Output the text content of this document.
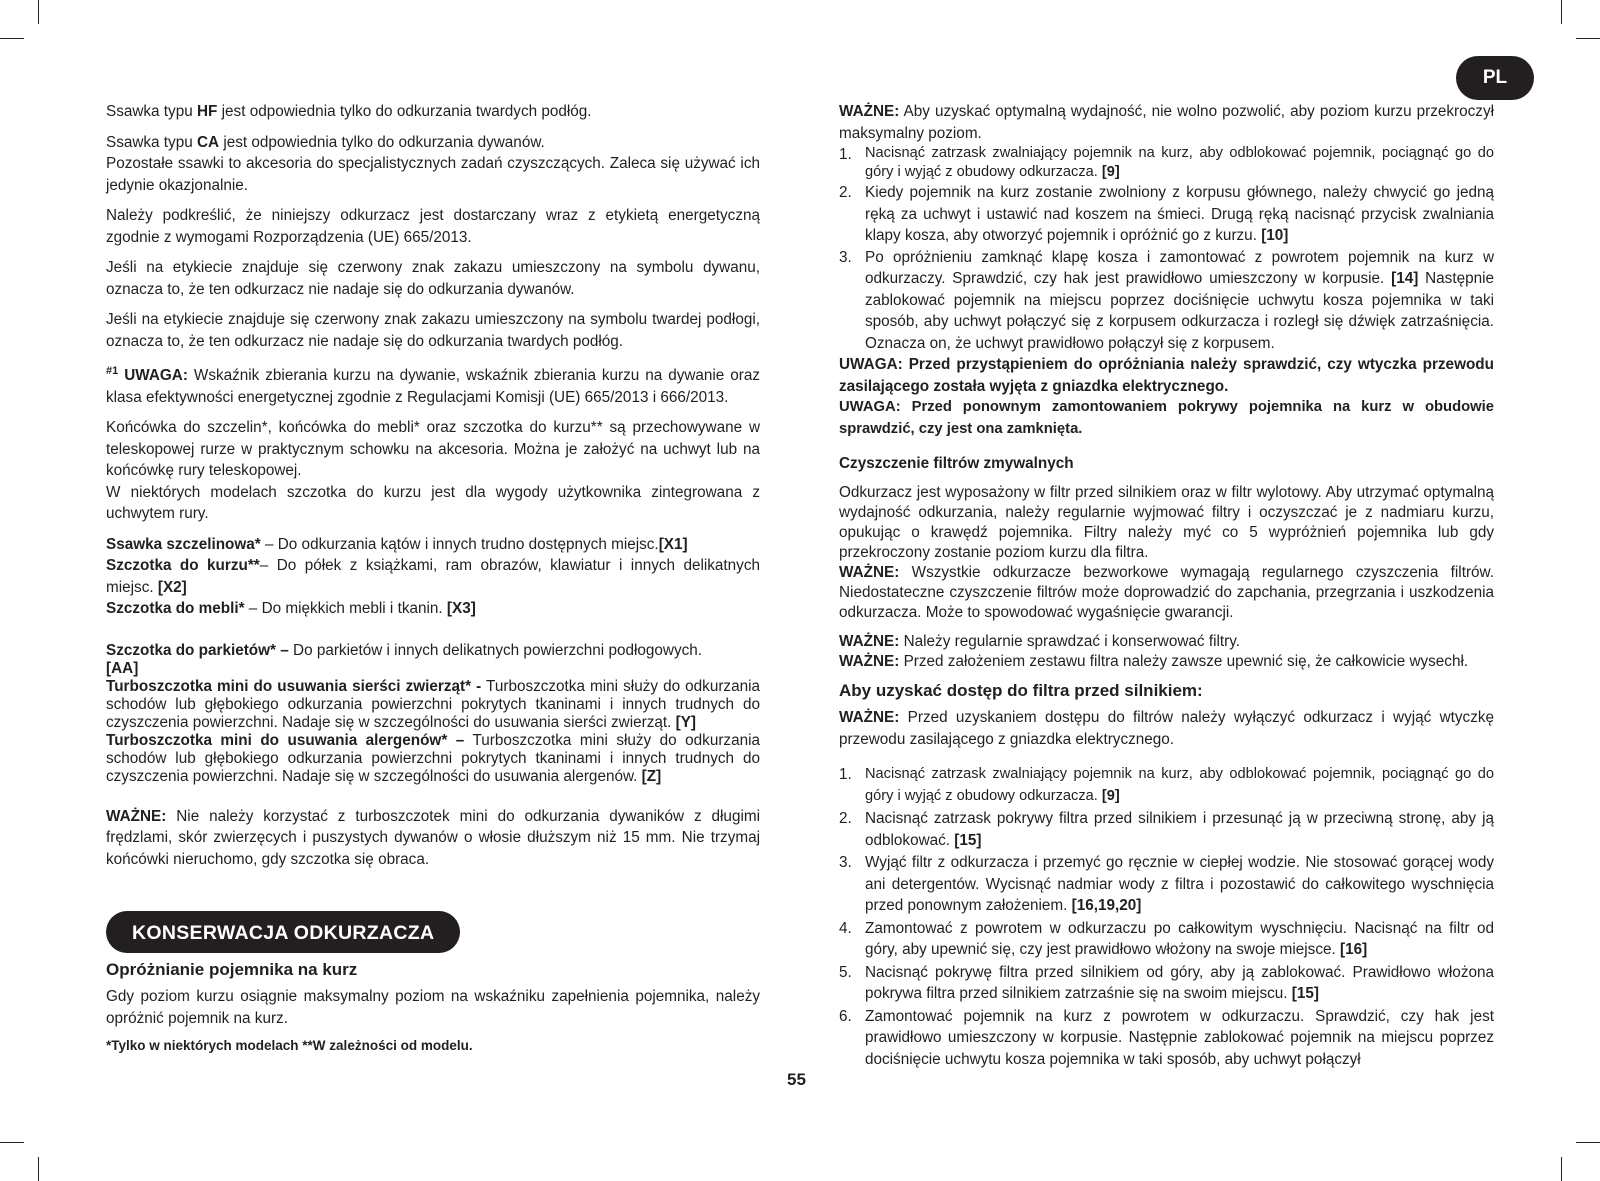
PL

Ssawka typu HF jest odpowiednia tylko do odkurzania twardych podłóg.

Ssawka typu CA jest odpowiednia tylko do odkurzania dywanów.
Pozostałe ssawki to akcesoria do specjalistycznych zadań czyszczących. Zaleca się używać ich jedynie okazjonalnie.

Należy podkreślić, że niniejszy odkurzacz jest dostarczany wraz z etykietą energetyczną zgodnie z wymogami Rozporządzenia (UE) 665/2013.

Jeśli na etykiecie znajduje się czerwony znak zakazu umieszczony na symbolu dywanu, oznacza to, że ten odkurzacz nie nadaje się do odkurzania dywanów.

Jeśli na etykiecie znajduje się czerwony znak zakazu umieszczony na symbolu twardej podłogi, oznacza to, że ten odkurzacz nie nadaje się do odkurzania twardych podłóg.

$^{\#1}$ UWAGA: Wskaźnik zbierania kurzu na dywanie, wskaźnik zbierania kurzu na dywanie oraz klasa efektywności energetycznej zgodnie z Regulacjami Komisji (UE) 665/2013 i 666/2013.

Końcówka do szczelin*, końcówka do mebli* oraz szczotka do kurzu** są przechowywane w teleskopowej rurze w praktycznym schowku na akcesoria. Można je założyć na uchwyt lub na końcówkę rury teleskopowej.

W niektórych modelach szczotka do kurzu jest dla wygody użytkownika zintegrowana z uchwytem rury.

Ssawka szczelinowa* – Do odkurzania kątów i innych trudno dostępnych miejsc.[X1]

Szczotka do kurzu**– Do półek z książkami, ram obrazów, klawiatur i innych delikatnych miejsc. [X2]

Szczotka do mebli* – Do miękkich mebli i tkanin. [X3]

Szczotka do parkietów* – Do parkietów i innych delikatnych powierzchni podłogowych.
[AA]

Turboszczotka mini do usuwania sierści zwierząt* - Turboszczotka mini służy do odkurzania schodów lub głębokiego odkurzania powierzchni pokrytych tkaninami i innych trudnych do czyszczenia powierzchni. Nadaje się w szczególności do usuwania sierści zwierząt. [Y]

Turboszczotka mini do usuwania alergenów* – Turboszczotka mini służy do odkurzania schodów lub głębokiego odkurzania powierzchni pokrytych tkaninami i innych trudnych do czyszczenia powierzchni. Nadaje się w szczególności do usuwania alergenów. [Z]

WAŻNE: Nie należy korzystać z turboszczotek mini do odkurzania dywaników z długimi frędzlami, skór zwierzęcych i puszystych dywanów o włosie dłuższym niż 15 mm. Nie trzymaj końcówki nieruchomo, gdy szczotka się obraca.

KONSERWACJA ODKURZACZA

Opróżnianie pojemnika na kurz

Gdy poziom kurzu osiągnie maksymalny poziom na wskaźniku zapełnienia pojemnika, należy opróżnić pojemnik na kurz.

*Tylko w niektórych modelach **W zależności od modelu.
55

WAŻNE: Aby uzyskać optymalną wydajność, nie wolno pozwolić, aby poziom kurzu przekroczył maksymalny poziom.

1. Nacisnąć zatrzask zwalniający pojemnik na kurz, aby odblokować pojemnik, pociągnąć go do góry i wyjąć z obudowy odkurzacza. [9]
2. Kiedy pojemnik na kurz zostanie zwolniony z korpusu głównego, należy chwycić go jedną ręką za uchwyt i ustawić nad koszem na śmieci. Drugą ręką nacisnąć przycisk zwalniania klapy kosza, aby otworzyć pojemnik i opróżnić go z kurzu. [10]
3. Po opróżnieniu zamknąć klapę kosza i zamontować z powrotem pojemnik na kurz w odkurzaczy. Sprawdzić, czy hak jest prawidłowo umieszczony w korpusie. [14] Następnie zablokować pojemnik na miejscu poprzez dociśnięcie uchwytu kosza pojemnika w taki sposób, aby uchwyt połączyć się z korpusem odkurzacza i rozległ się dźwięk zatrzaśnięcia. Oznacza on, że uchwyt prawidłowo połączył się z korpusem.

UWAGA: Przed przystąpieniem do opróżniania należy sprawdzić, czy wtyczka przewodu zasilającego została wyjęta z gniazdka elektrycznego.

UWAGA: Przed ponownym zamontowaniem pokrywy pojemnika na kurz w obudowie sprawdzić, czy jest ona zamknięta.

Czyszczenie filtrów zmywalnych

Odkurzacz jest wyposażony w filtr przed silnikiem oraz w filtr wylotowy. Aby utrzymać optymalną wydajność odkurzania, należy regularnie wyjmować filtry i oczyszczać je z nadmiaru kurzu, opukując o krawędź pojemnika. Filtry należy myć co 5 wypróżnień pojemnika lub gdy przekroczony zostanie poziom kurzu dla filtra.

WAŻNE: Wszystkie odkurzacze bezworkowe wymagają regularnego czyszczenia filtrów. Niedostateczne czyszczenie filtrów może doprowadzić do zapchania, przegrzania i uszkodzenia odkurzacza. Może to spowodować wygaśnięcie gwarancji.

WAŻNE: Należy regularnie sprawdzać i konserwować filtry.

WAŻNE: Przed założeniem zestawu filtra należy zawsze upewnić się, że całkowicie wysechł.

Aby uzyskać dostęp do filtra przed silnikiem:

WAŻNE: Przed uzyskaniem dostępu do filtrów należy wyłączyć odkurzacz i wyjąć wtyczkę przewodu zasilającego z gniazdka elektrycznego.

1. Nacisnąć zatrzask zwalniający pojemnik na kurz, aby odblokować pojemnik, pociągnąć go do góry i wyjąć z obudowy odkurzacza. [9]
2. Nacisnąć zatrzask pokrywy filtra przed silnikiem i przesunąć ją w przeciwną stronę, aby ją odblokować. [15]
3. Wyjąć filtr z odkurzacza i przemyć go ręcznie w ciepłej wodzie. Nie stosować gorącej wody ani detergentów. Wycisnąć nadmiar wody z filtra i pozostawić do całkowitego wyschnięcia przed ponownym założeniem. [16,19,20]
4. Zamontować z powrotem w odkurzaczu po całkowitym wyschnięciu. Nacisnąć na filtr od góry, aby upewnić się, czy jest prawidłowo włożony na swoje miejsce. [16]
5. Nacisnąć pokrywę filtra przed silnikiem od góry, aby ją zablokować. Prawidłowo włożona pokrywa filtra przed silnikiem zatrzaśnie się na swoim miejscu. [15]
6. Zamontować pojemnik na kurz z powrotem w odkurzaczu. Sprawdzić, czy hak jest prawidłowo umieszczony w korpusie. Następnie zablokować pojemnik na miejscu poprzez dociśnięcie uchwytu kosza pojemnika w taki sposób, aby uchwyt połączył
